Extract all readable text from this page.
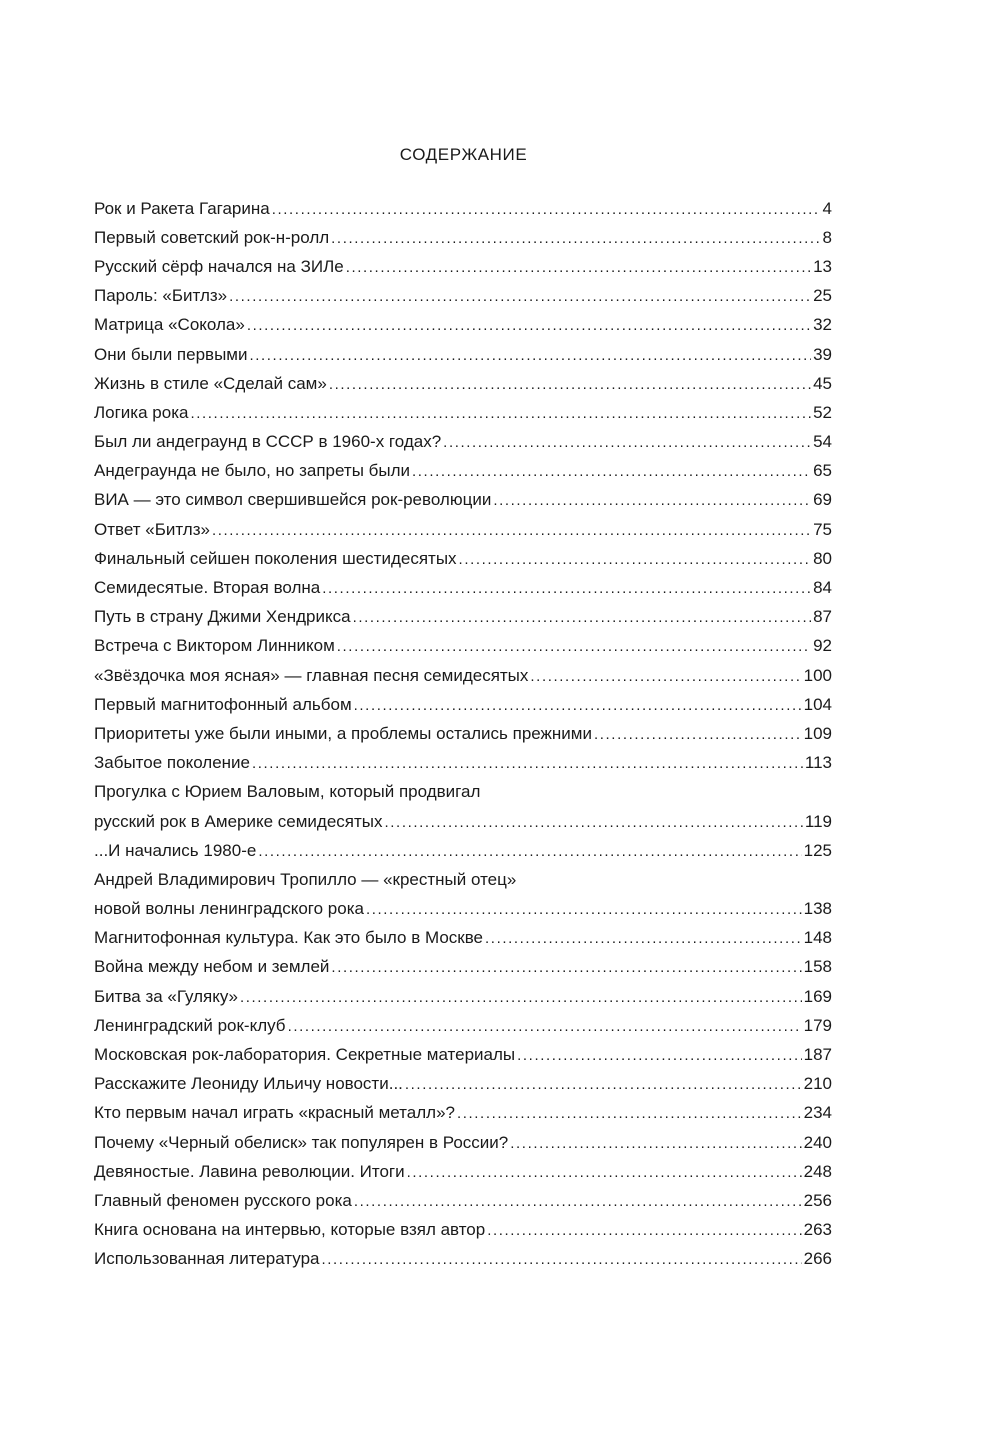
СОДЕРЖАНИЕ
Рок и Ракета Гагарина .....	4
Первый советский рок-н-ролл .....	8
Русский сёрф начался на ЗИЛе .....	13
Пароль: «Битлз» .....	25
Матрица «Сокола» .....	32
Они были первыми .....	39
Жизнь в стиле «Сделай сам» .....	45
Логика рока .....	52
Был ли андеграунд в СССР в 1960-х годах? .....	54
Андеграунда не было, но запреты были .....	65
ВИА — это символ свершившейся рок-революции .....	69
Ответ «Битлз» .....	75
Финальный сейшен поколения шестидесятых .....	80
Семидесятые. Вторая волна .....	84
Путь в страну Джими Хендрикса .....	87
Встреча с Виктором Линником .....	92
«Звёздочка моя ясная» — главная песня семидесятых .....	100
Первый магнитофонный альбом .....	104
Приоритеты уже были иными, а проблемы остались прежними .....	109
Забытое поколение .....	113
Прогулка с Юрием Валовым, который продвигал
русский рок в Америке семидесятых .....	119
...И начались 1980-е .....	125
Андрей Владимирович Тропилло — «крестный отец»
новой волны ленинградского рока .....	138
Магнитофонная культура. Как это было в Москве .....	148
Война между небом и землей .....	158
Битва за «Гуляку» .....	169
Ленинградский рок-клуб .....	179
Московская рок-лаборатория. Секретные материалы .....	187
Расскажите Леониду Ильичу новости... .....	210
Кто первым начал играть «красный металл»? .....	234
Почему «Черный обелиск» так популярен в России? .....	240
Девяностые. Лавина революции. Итоги .....	248
Главный феномен русского рока .....	256
Книга основана на интервью, которые взял автор .....	263
Использованная литература .....	266
